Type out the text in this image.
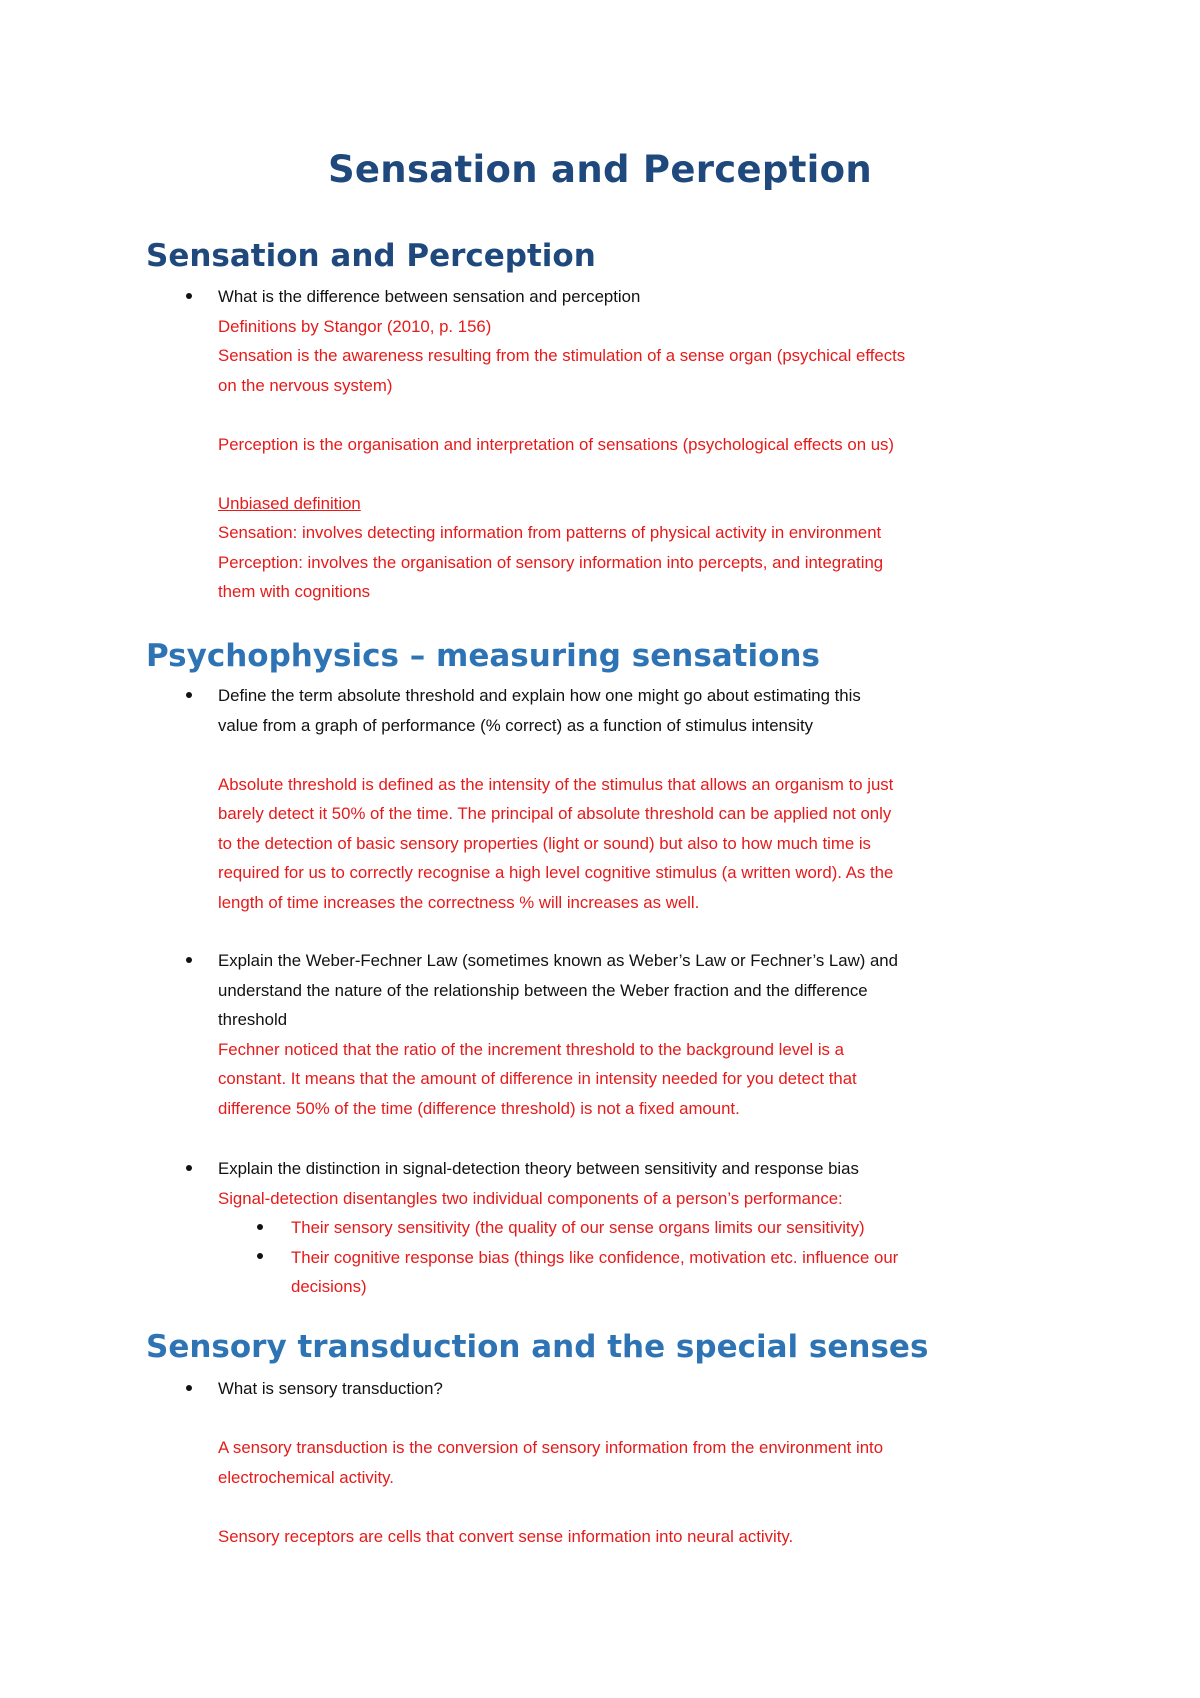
Sensation and Perception
Sensation and Perception
What is the difference between sensation and perception
Definitions by Stangor (2010, p. 156)
Sensation is the awareness resulting from the stimulation of a sense organ (psychical effects
on the nervous system)
Perception is the organisation and interpretation of sensations (psychological effects on us)
Unbiased definition
Sensation: involves detecting information from patterns of physical activity in environment
Perception: involves the organisation of sensory information into percepts, and integrating
them with cognitions
Psychophysics – measuring sensations
Define the term absolute threshold and explain how one might go about estimating this
value from a graph of performance (% correct) as a function of stimulus intensity
Absolute threshold is defined as the intensity of the stimulus that allows an organism to just
barely detect it 50% of the time. The principal of absolute threshold can be applied not only
to the detection of basic sensory properties (light or sound) but also to how much time is
required for us to correctly recognise a high level cognitive stimulus (a written word). As the
length of time increases the correctness % will increases as well.
Explain the Weber-Fechner Law (sometimes known as Weber’s Law or Fechner’s Law) and
understand the nature of the relationship between the Weber fraction and the difference
threshold
Fechner noticed that the ratio of the increment threshold to the background level is a
constant. It means that the amount of difference in intensity needed for you detect that
difference 50% of the time (difference threshold) is not a fixed amount.
Explain the distinction in signal-detection theory between sensitivity and response bias
Signal-detection disentangles two individual components of a person’s performance:
Their sensory sensitivity (the quality of our sense organs limits our sensitivity)
Their cognitive response bias (things like confidence, motivation etc. influence our
decisions)
Sensory transduction and the special senses
What is sensory transduction?
A sensory transduction is the conversion of sensory information from the environment into
electrochemical activity.
Sensory receptors are cells that convert sense information into neural activity.
